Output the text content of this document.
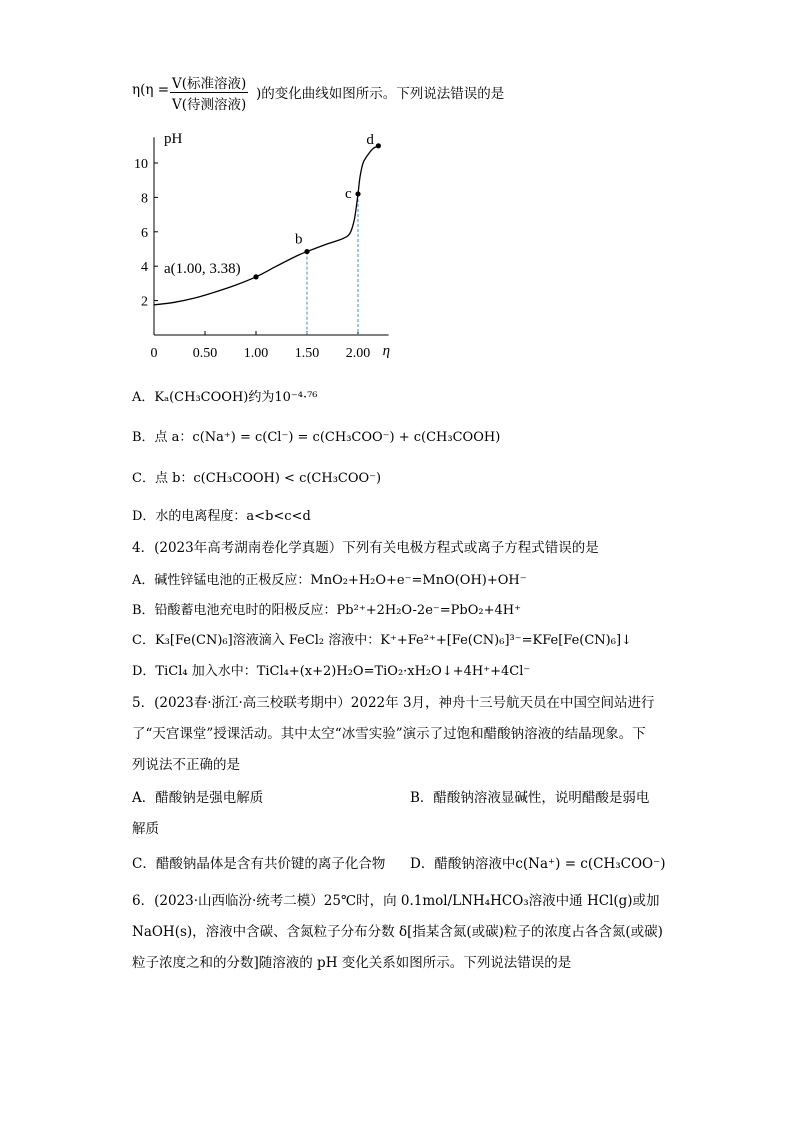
η(η = V(标准溶液)
V(待测溶液)
)的变化曲线如图所示。下列说法错误的是
pH
η
0	0.50 1.00 1.50 2.00
2
4
6
8
10
a(1.00, 3.38)
b
c
d
A．Kₐ(CH₃COOH)约为10⁻⁴·⁷⁶
B．点 a：c(Na⁺) = c(Cl⁻) = c(CH₃COO⁻) + c(CH₃COOH)
C．点 b：c(CH₃COOH) < c(CH₃COO⁻)
D．水的电离程度：a<b<c<d
4．(2023年高考湖南卷化学真题）下列有关电极方程式或离子方程式错误的是
A．碱性锌锰电池的正极反应：MnO₂+H₂O+e⁻=MnO(OH)+OH⁻
B．铅酸蓄电池充电时的阳极反应：Pb²⁺+2H₂O-2e⁻=PbO₂+4H⁺
C．K₃[Fe(CN)₆]溶液滴入 FeCl₂ 溶液中：K⁺+Fe²⁺+[Fe(CN)₆]³⁻=KFe[Fe(CN)₆]↓
D．TiCl₄ 加入水中：TiCl₄+(x+2)H₂O=TiO₂·xH₂O↓+4H⁺+4Cl⁻
5．(2023春·浙江·高三校联考期中）2022年 3月，神舟十三号航天员在中国空间站进行
了“天宫课堂”授课活动。其中太空“冰雪实验”演示了过饱和醋酸钠溶液的结晶现象。下
列说法不正确的是
A．醋酸钠是强电解质	B．醋酸钠溶液显碱性，说明醋酸是弱电
解质
C．醋酸钠晶体是含有共价键的离子化合物 D．醋酸钠溶液中c(Na⁺) = c(CH₃COO⁻)
6．(2023·山西临汾·统考二模）25℃时，向 0.1mol/LNH₄HCO₃溶液中通 HCl(g)或加
NaOH(s)，溶液中含碳、含氮粒子分布分数 δ[指某含氮(或碳)粒子的浓度占各含氮(或碳)
粒子浓度之和的分数]随溶液的 pH 变化关系如图所示。下列说法错误的是
